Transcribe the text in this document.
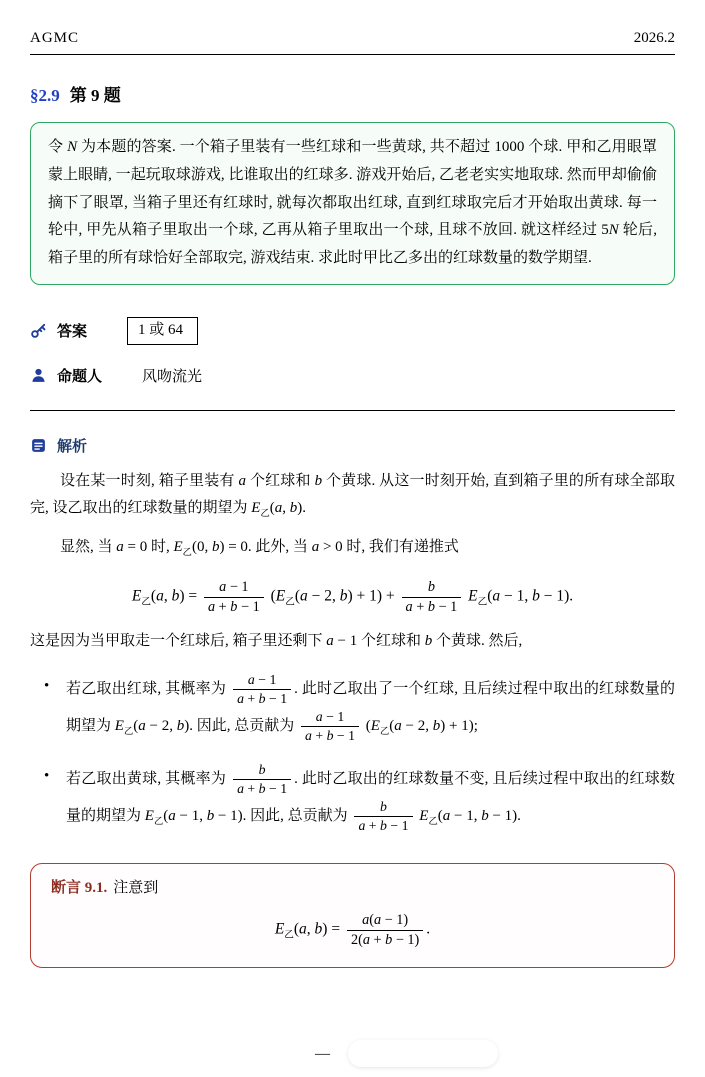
AGMC	2026.2
§2.9 第 9 题

令 N 为本题的答案. 一个箱子里装有一些红球和一些黄球, 共不超过 1000 个球. 甲和乙用眼罩蒙上眼睛, 一起玩取球游戏, 比谁取出的红球多. 游戏开始后, 乙老老实实地取球. 然而甲却偷偷摘下了眼罩, 当箱子里还有红球时, 就每次都取出红球, 直到红球取完后才开始取出黄球. 每一轮中, 甲先从箱子里取出一个球, 乙再从箱子里取出一个球, 且球不放回. 就这样经过 5N 轮后, 箱子里的所有球恰好全部取完, 游戏结束. 求此时甲比乙多出的红球数量的数学期望.

答案	1 或 64
命题人	风吻流光
解析

设在某一时刻, 箱子里装有 a 个红球和 b 个黄球. 从这一时刻开始, 直到箱子里的所有球全部取完, 设乙取出的红球数量的期望为 $E_乙(a$, b).

显然, 当 a = 0 时, $E_乙(0$, b) = 0. 此外, 当 a > 0 时, 我们有递推式

$E_乙(a$, $b) = \frac{a - 1}{a + b - 1} (E_乙(a - 2$, $b) + 1) + \frac{b}{a + b - 1} E_乙(a - 1$, b − 1).

这是因为当甲取走一个红球后, 箱子里还剩下 a − 1 个红球和 b 个黄球. 然后,

•	若乙取出红球, 其概率为 $\frac{a - 1}{a + b - 1}$ . 此时乙取出了一个红球, 且后续过程中取出的红球数量的期望为 $E_乙(a - 2$, b). 因此, 总贡献为 $\frac{a - 1}{a + b - 1} (E_乙(a - 2$, b) + 1);
•	若乙取出黄球, 其概率为 $\frac{b}{a + b - 1}$ . 此时乙取出的红球数量不变, 且后续过程中取出的红球数量的期望为 $E_乙(a - 1$, b − 1). 因此, 总贡献为 $\frac{b}{a + b - 1} E_乙(a - 1$, b − 1).

断言 9.1. 注意到

$E_乙(a$, $b) = \frac{a(a - 1)}{2(a + b - 1)}$ .
—
